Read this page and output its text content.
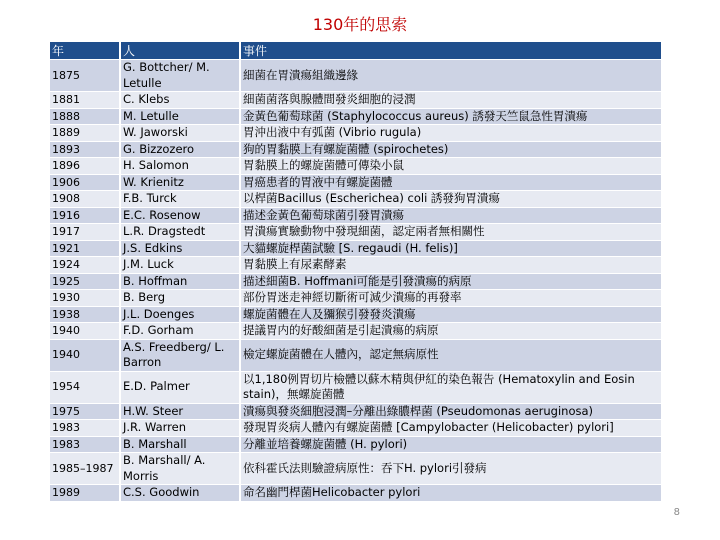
130年的思索
年	人	事件
1875	G. Bottcher/ M. Letulle	細菌在胃潰瘍組織邊緣
1881	C. Klebs	細菌菌落與腺體間發炎細胞的浸潤
1888	M. Letulle	金黃色葡萄球菌 (Staphylococcus aureus) 誘發天竺鼠急性胃潰瘍
1889	W. Jaworski	胃沖出液中有弧菌 (Vibrio rugula)
1893	G. Bizzozero	狗的胃黏膜上有螺旋菌體 (spirochetes)
1896	H. Salomon	胃黏膜上的螺旋菌體可傳染小鼠
1906	W. Krienitz	胃癌患者的胃液中有螺旋菌體
1908	F.B. Turck	以桿菌Bacillus (Escherichea) coli 誘發狗胃潰瘍
1916	E.C. Rosenow	描述金黃色葡萄球菌引發胃潰瘍
1917	L.R. Dragstedt	胃潰瘍實驗動物中發現細菌，認定兩者無相關性
1921	J.S. Edkins	大貓螺旋桿菌試驗 [S. regaudi (H. felis)]
1924	J.M. Luck	胃黏膜上有尿素酵素
1925	B. Hoffman	描述細菌B. Hoffmani可能是引發潰瘍的病原
1930	B. Berg	部份胃迷走神經切斷術可減少潰瘍的再發率
1938	J.L. Doenges	螺旋菌體在人及獼猴引發發炎潰瘍
1940	F.D. Gorham	提議胃内的好酸細菌是引起潰瘍的病原
1940	A.S. Freedberg/ L. Barron	檢定螺旋菌體在人體內，認定無病原性
1954	E.D. Palmer	以1,180例胃切片檢體以蘇木精與伊紅的染色報告 (Hematoxylin and Eosin stain)，無螺旋菌體
1975	H.W. Steer	潰瘍與發炎細胞浸潤–分離出綠膿桿菌 (Pseudomonas aeruginosa)
1983	J.R. Warren	發現胃炎病人體內有螺旋菌體 [Campylobacter (Helicobacter) pylori]
1983	B. Marshall	分離並培養螺旋菌體 (H. pylori)
1985–1987	B. Marshall/ A. Morris	依科霍氏法則驗證病原性：吞下H. pylori引發病
1989	C.S. Goodwin	命名幽門桿菌Helicobacter pylori
8
